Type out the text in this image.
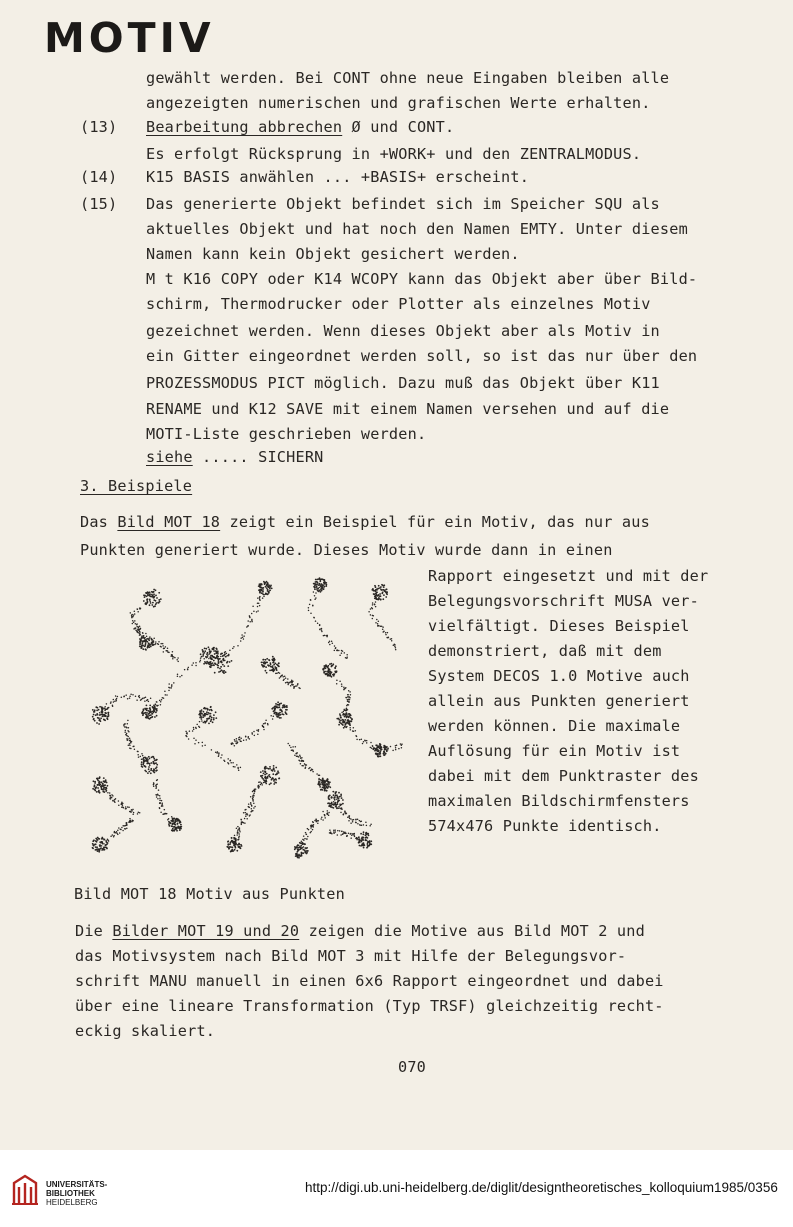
MOTIV
gewählt werden. Bei CONT ohne neue Eingaben bleiben alle
angezeigten numerischen und grafischen Werte erhalten.
(13) Bearbeitung abbrechen Ø und CONT.
Es erfolgt Rücksprung in +WORK+ und den ZENTRALMODUS.
(14) K15 BASIS anwählen ... +BASIS+ erscheint.
(15) Das generierte Objekt befindet sich im Speicher SQU als
aktuelles Objekt und hat noch den Namen EMTY. Unter diesem
Namen kann kein Objekt gesichert werden.
M t K16 COPY oder K14 WCOPY kann das Objekt aber über Bild-
schirm, Thermodrucker oder Plotter als einzelnes Motiv
gezeichnet werden. Wenn dieses Objekt aber als Motiv in
ein Gitter eingeordnet werden soll, so ist das nur über den
PROZESSMODUS PICT möglich. Dazu muß das Objekt über K11
RENAME und K12 SAVE mit einem Namen versehen und auf die
MOTI-Liste geschrieben werden.
siehe ..... SICHERN
3. Beispiele
Das Bild MOT 18 zeigt ein Beispiel für ein Motiv, das nur aus
Punkten generiert wurde. Dieses Motiv wurde dann in einen
Rapport eingesetzt und mit der
Belegungsvorschrift MUSA ver-
vielfältigt. Dieses Beispiel
demonstriert, daß mit dem
System DECOS 1.0 Motive auch
allein aus Punkten generiert
werden können. Die maximale
Auflösung für ein Motiv ist
dabei mit dem Punktraster des
maximalen Bildschirmfensters
574x476 Punkte identisch.
Bild MOT 18 Motiv aus Punkten
Die Bilder MOT 19 und 20 zeigen die Motive aus Bild MOT 2 und
das Motivsystem nach Bild MOT 3 mit Hilfe der Belegungsvor-
schrift MANU manuell in einen 6x6 Rapport eingeordnet und dabei
über eine lineare Transformation (Typ TRSF) gleichzeitig recht-
eckig skaliert.
070
UNIVERSITÄTS-
BIBLIOTHEK
HEIDELBERG
http://digi.ub.uni-heidelberg.de/diglit/designtheoretisches_kolloquium1985/0356
